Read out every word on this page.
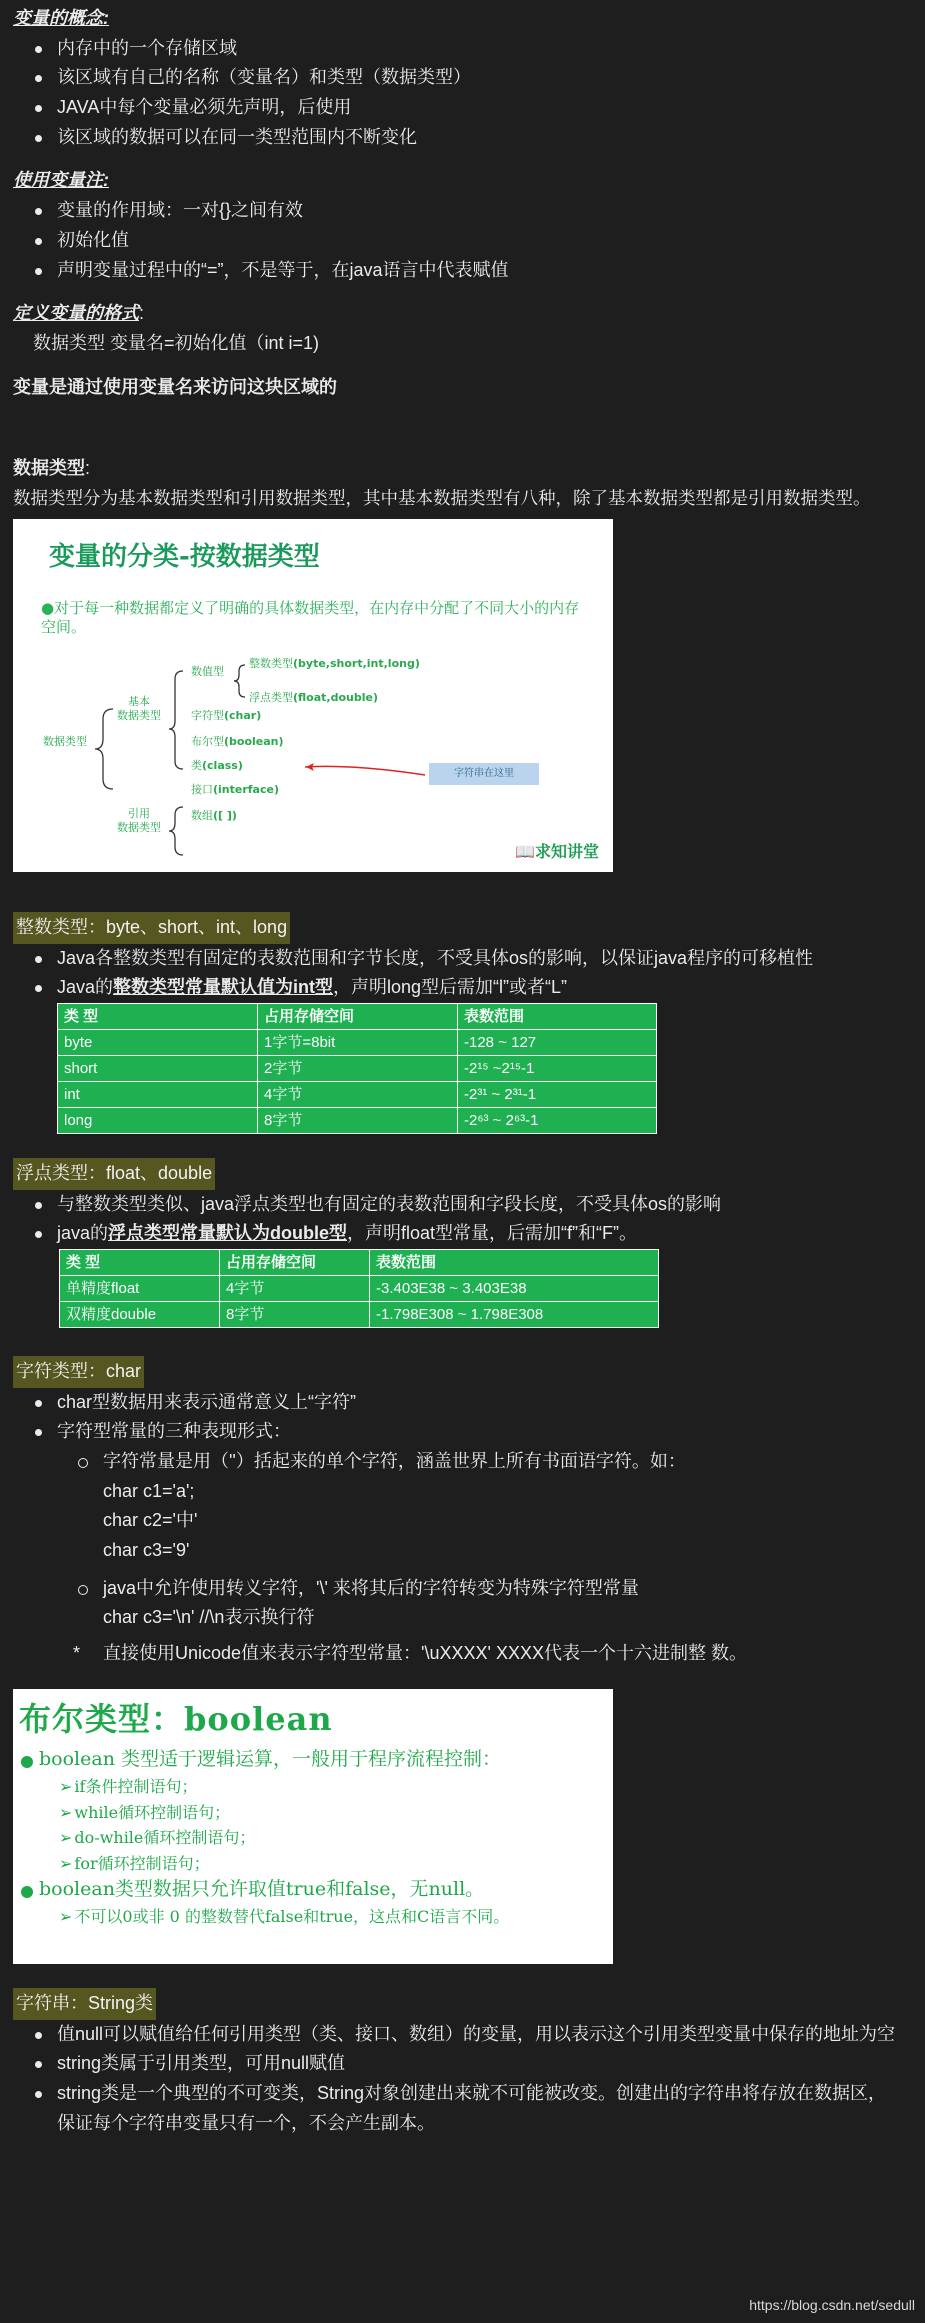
变量的概念:
内存中的一个存储区域
该区域有自己的名称（变量名）和类型（数据类型）
JAVA中每个变量必须先声明，后使用
该区域的数据可以在同一类型范围内不断变化
使用变量注:
变量的作用域：一对{}之间有效
初始化值
声明变量过程中的“=”，不是等于，在java语言中代表赋值
定义变量的格式:
数据类型 变量名=初始化值（int i=1)
变量是通过使用变量名来访问这块区域的
数据类型:
数据类型分为基本数据类型和引用数据类型，其中基本数据类型有八种，除了基本数据类型都是引用数据类型。
变量的分类-按数据类型
●对于每一种数据都定义了明确的具体数据类型，在内存中分配了不同大小的内存空间。
数据类型
基本
数据类型
引用
数据类型
数值型
整数类型(byte,short,int,long)
浮点类型(float,double)
字符型(char)
布尔型(boolean)
类(class)
接口(interface)
数组([ ])
字符串在这里
📖求知讲堂
整数类型：byte、short、int、long
Java各整数类型有固定的表数范围和字节长度，不受具体os的影响，以保证java程序的可移植性
Java的整数类型常量默认值为int型，声明long型后需加“l”或者“L”
类 型	占用存储空间	表数范围
byte	1字节=8bit	-128 ~ 127
short	2字节	-2¹⁵ ~2¹⁵-1
int	4字节	-2³¹ ~ 2³¹-1
long	8字节	-2⁶³ ~ 2⁶³-1
浮点类型：float、double
与整数类型类似、java浮点类型也有固定的表数范围和字段长度，不受具体os的影响
java的浮点类型常量默认为double型，声明float型常量，后需加“f”和“F”。
类 型	占用存储空间	表数范围
单精度float	4字节	-3.403E38 ~ 3.403E38
双精度double	8字节	-1.798E308 ~ 1.798E308
字符类型：char
char型数据用来表示通常意义上“字符”
字符型常量的三种表现形式：
字符常量是用（''）括起来的单个字符，涵盖世界上所有书面语字符。如：
char c1='a';
char c2='中'
char c3='9'
java中允许使用转义字符，'\' 来将其后的字符转变为特殊字符型常量
char c3='\n' //\n表示换行符
* 直接使用Unicode值来表示字符型常量：'\uXXXX' XXXX代表一个十六进制整 数。
布尔类型：boolean
boolean 类型适于逻辑运算，一般用于程序流程控制：
➢ if条件控制语句；
➢ while循环控制语句；
➢ do-while循环控制语句；
➢ for循环控制语句；
boolean类型数据只允许取值true和false，无null。
➢ 不可以0或非 0 的整数替代false和true，这点和C语言不同。
字符串：String类
值null可以赋值给任何引用类型（类、接口、数组）的变量，用以表示这个引用类型变量中保存的地址为空
string类属于引用类型，可用null赋值
string类是一个典型的不可变类，String对象创建出来就不可能被改变。创建出的字符串将存放在数据区，保证每个字符串变量只有一个，不会产生副本。
https://blog.csdn.net/sedull
